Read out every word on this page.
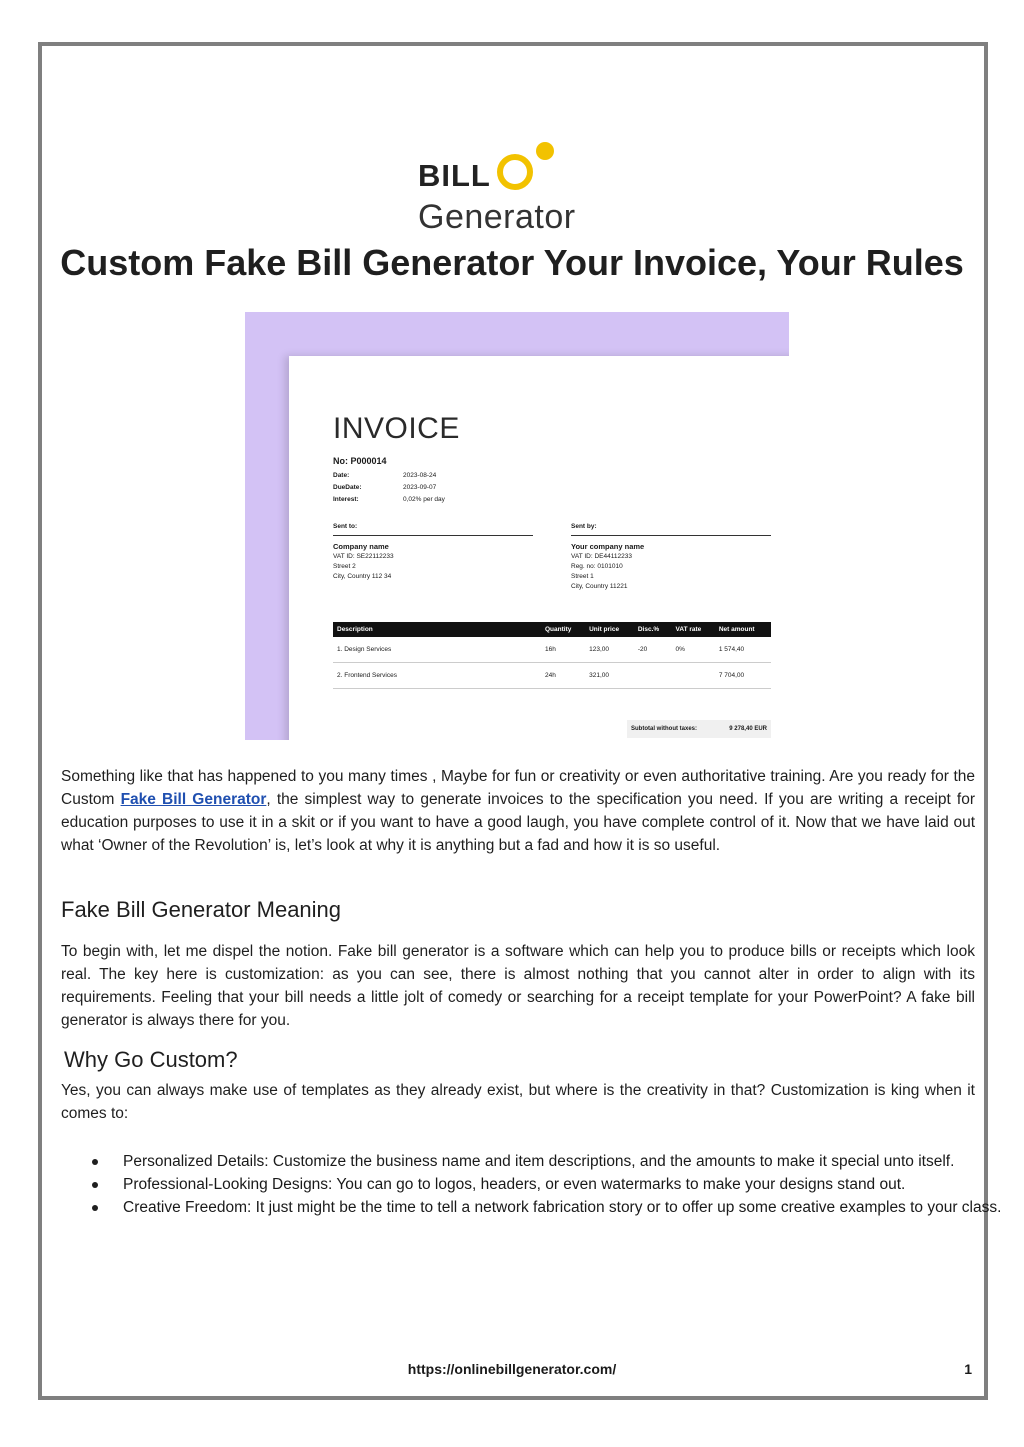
BILL
Generator
Custom Fake Bill Generator Your Invoice, Your Rules
INVOICE
No: P000014
Date:	2023-08-24
DueDate:	2023-09-07
Interest:	0,02% per day
Sent to:
Company name
VAT ID: SE22112233
Street 2
City, Country 112 34
Sent by:
Your company name
VAT ID: DE44112233
Reg. no: 0101010
Street 1
City, Country 11221
Description	Quantity	Unit price	Disc.%	VAT rate	Net amount
1. Design Services	16h	123,00	-20	0%	1 574,40
2. Frontend Services	24h	321,00			7 704,00
Subtotal without taxes:	9 278,40 EUR

Something like that has happened to you many times , Maybe for fun or creativity or even authoritative training. Are you ready for the Custom Fake Bill Generator, the simplest way to generate invoices to the specification you need. If you are writing a receipt for education purposes to use it in a skit or if you want to have a good laugh, you have complete control of it. Now that we have laid out what ‘Owner of the Revolution’ is, let’s look at why it is anything but a fad and how it is so useful.

Fake Bill Generator Meaning

To begin with, let me dispel the notion. Fake bill generator is a software which can help you to produce bills or receipts which look real. The key here is customization: as you can see, there is almost nothing that you cannot alter in order to align with its requirements. Feeling that your bill needs a little jolt of comedy or searching for a receipt template for your PowerPoint? A fake bill generator is always there for you.

Why Go Custom?

Yes, you can always make use of templates as they already exist, but where is the creativity in that? Customization is king when it comes to:

Personalized Details: Customize the business name and item descriptions, and the amounts to make it special unto itself.
Professional-Looking Designs: You can go to logos, headers, or even watermarks to make your designs stand out.
Creative Freedom: It just might be the time to tell a network fabrication story or to offer up some creative examples to your class.
https://onlinebillgenerator.com/	1
